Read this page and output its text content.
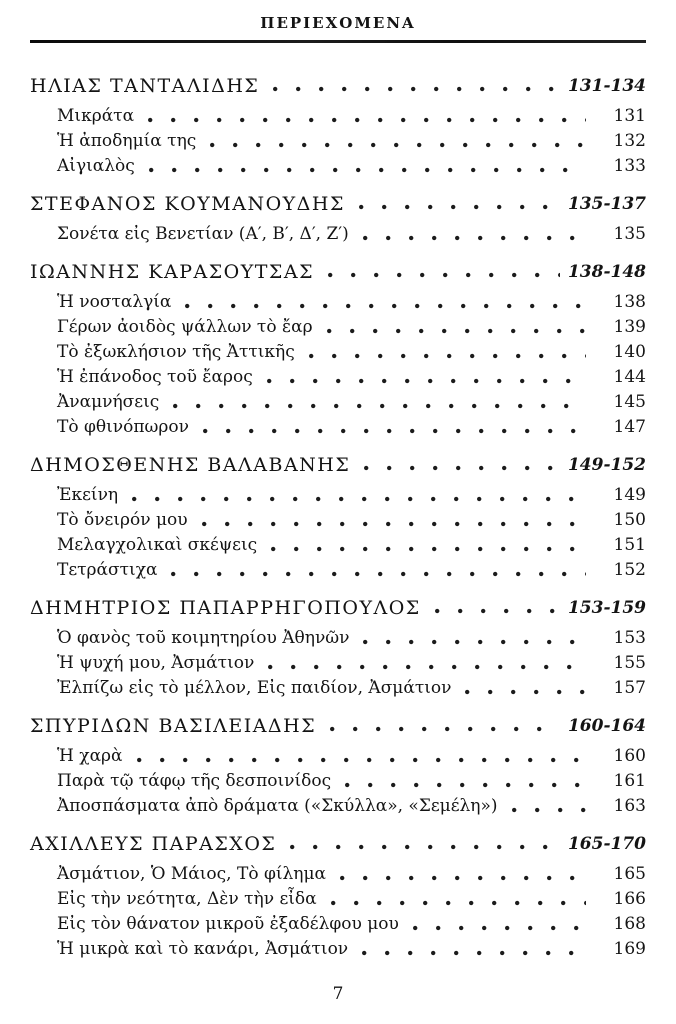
ΠΕΡΙΕΧΟΜΕΝΑ
ΗΛΙΑΣ ΤΑΝΤΑΛΙΔΗΣ	131-134
Μικράτα	131
Ἡ ἀποδημία της	132
Αἰγιαλὸς	133
ΣΤΕΦΑΝΟΣ ΚΟΥΜΑΝΟΥΔΗΣ	135-137
Σονέτα εἰς Βενετίαν (Α′, Β′, Δ′, Ζ′)	135
ΙΩΑΝΝΗΣ ΚΑΡΑΣΟΥΤΣΑΣ	138-148
Ἡ νοσταλγία	138
Γέρων ἀοιδὸς ψάλλων τὸ ἔαρ	139
Τὸ ἐξωκλήσιον τῆς Ἀττικῆς	140
Ἡ ἐπάνοδος τοῦ ἔαρος	144
Ἀναμνήσεις	145
Τὸ φθινόπωρον	147
ΔΗΜΟΣΘΕΝΗΣ ΒΑΛΑΒΑΝΗΣ	149-152
Ἐκείνη	149
Τὸ ὄνειρόν μου	150
Μελαγχολικαὶ σκέψεις	151
Τετράστιχα	152
ΔΗΜΗΤΡΙΟΣ ΠΑΠΑΡΡΗΓΟΠΟΥΛΟΣ	153-159
Ὁ φανὸς τοῦ κοιμητηρίου Ἀθηνῶν	153
Ἡ ψυχή μου, Ἀσμάτιον	155
Ἐλπίζω εἰς τὸ μέλλον, Εἰς παιδίον, Ἀσμάτιον	157
ΣΠΥΡΙΔΩΝ ΒΑΣΙΛΕΙΑΔΗΣ	160-164
Ἡ χαρὰ	160
Παρὰ τῷ τάφῳ τῆς δεσποινίδος	161
Ἀποσπάσματα ἀπὸ δράματα («Σκύλλα», «Σεμέλη»)	163
ΑΧΙΛΛΕΥΣ ΠΑΡΑΣΧΟΣ	165-170
Ἀσμάτιον, Ὁ Μάιος, Τὸ φίλημα	165
Εἰς τὴν νεότητα, Δὲν τὴν εἶδα	166
Εἰς τὸν θάνατον μικροῦ ἐξαδέλφου μου	168
Ἡ μικρὰ καὶ τὸ κανάρι, Ἀσμάτιον	169
7
